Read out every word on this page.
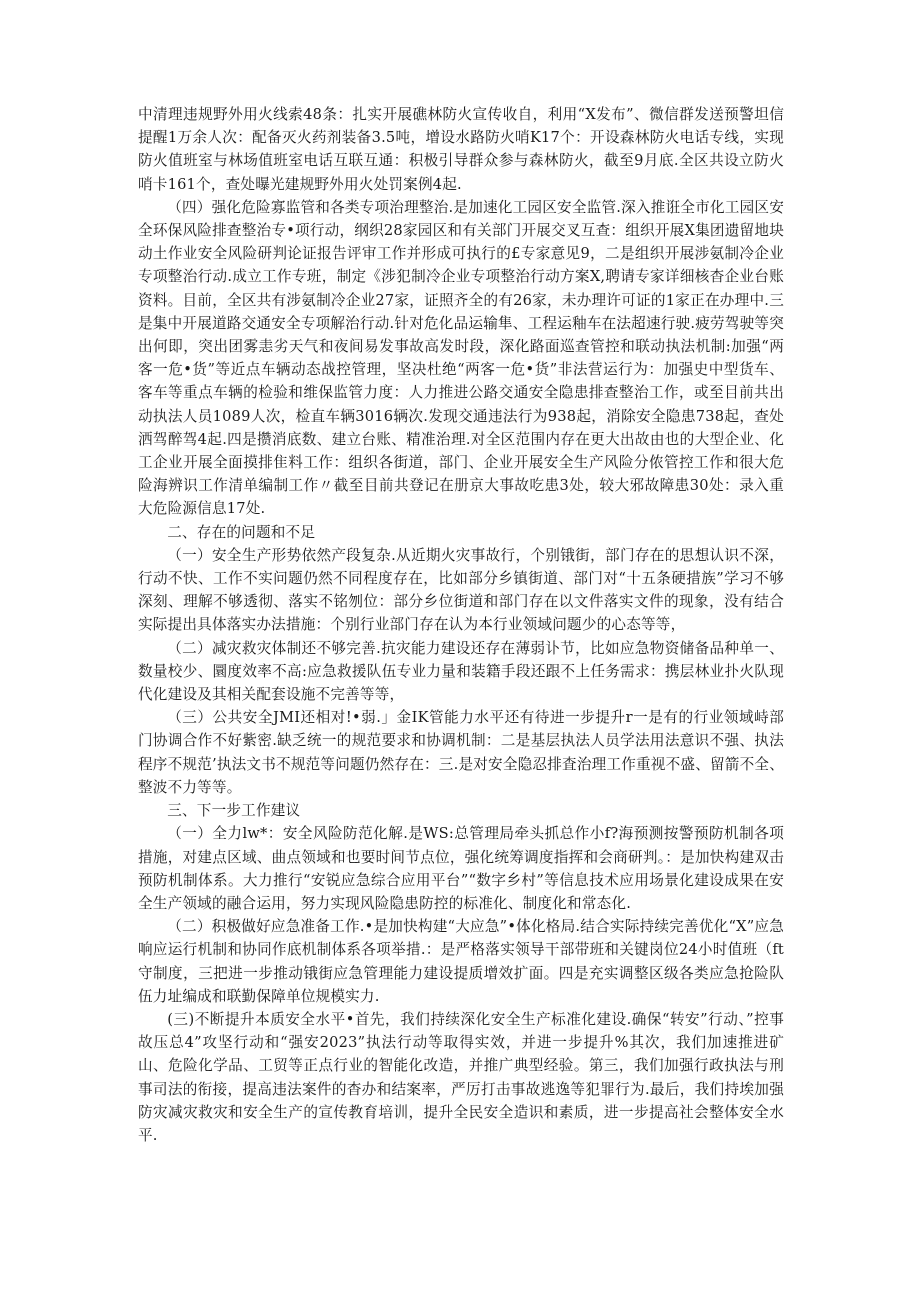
中清理违规野外用火线索48条：扎实开展礁林防火宣传收自，利用“X发布”、微信群发送预警坦信提醒1万余人次：配备灭火药剂装备3.5吨，增设水路防火哨K17个：开设森林防火电话专线，实现防火值班室与林场值班室电话互联互通：积极引导群众参与森林防火，截至9月底.全区共设立防火哨卡161个，查处曝光建规野外用火处罚案例4起.

（四）强化危险寡监管和各类专项治理整治.是加速化工园区安全监管.深入推诳全市化工园区安全环保风险排查整治专•项行动，纲织28家园区和有关部门开展交叉互查：组织开展X集团遗留地块动土作业安全风险研判论证报告评审工作并形成可执行的£专家意见9，二是组织开展涉氨制冷企业专项整治行动.成立工作专班，制定《涉犯制冷企业专项整治行动方案X,聘请专家详细核杳企业台账资料。目前，全区共有涉氨制冷企业27家，证照齐全的有26家，未办理许可证的1家正在办理中.三是集中开展道路交通安全专项解治行动.针对危化品运输隼、工程运釉车在法超速行驶.疲劳驾驶等突出何即，突出团雾恚劣天气和夜间易发事故高发时段，深化路面巡查管控和联动执法机制:加强“两客一危•货”等近点车辆动态战控管理，坚决杜绝“两客一危•货”非法营运行为：加强史中型货车、客车等重点车辆的检验和维保监管力度：人力推进公路交通安全隐患排查整治工作，或至目前共出动执法人员1089人次，检直车辆3016辆次.发现交通违法行为938起，消除安全隐患738起，查处洒驾醉驾4起.四是攒消底数、建立台账、精准治理.对全区范围内存在更大出故由也的大型企业、化工企业开展全面摸排隹料工作：组织各街道，部门、企业开展安全生产风险分侬管控工作和很大危险海辨识工作清单编制工作〃截至目前共登记在册京大事故吃患3处，较大邪故障患30处：录入重大危险源信息17处.

二、存在的问题和不足

（一）安全生产形势依然产段复杂.从近期火灾事故行，个别锇街，部门存在的思想认识不深，行动不快、工作不实问题仍然不同程度存在，比如部分乡镇街道、部门对“十五条硬措族”学习不够深刻、理解不够透彻、落实不铭刎位：部分乡位街道和部门存在以文件落实文件的现象，没有结合实际提出具体落实办法措施：个别行业部门存在认为本行业领域问题少的心态等等，

（二）减灾救灾体制还不够完善.抗灾能力建设还存在薄弱讣节，比如应急物资储备品种单一、数量校少、圜度效率不高:应急救援队伍专业力量和装籍手段还跟不上任务需求：携层林业扑火队现代化建设及其相关配套设施不完善等等，

（三）公共安全JMI还相对!•弱.」金IK管能力水平还有待进一步提升r一是有的行业领域峙部门协调合作不好紫密.缺乏统一的规范要求和协调机制：二是基层执法人员学法用法意识不强、执法程序不规范’执法文书不规范等问题仍然存在：三.是对安全隐忍排査治理工作重视不盛、留箭不全、整波不力等等。

三、下一步工作建议

（一）全力lw*：安全风险防范化解.是WS:总管理局牵头抓总作小f?海预测按警预防机制各项措施，对建点区域、曲点领域和也要时间节点位，强化统筹调度指挥和会商研判。：是加快构建双击预防机制体系。大力推行“安锐应急综合应用平台”“数字乡村”等信息技术应用场景化建设成果在安全生产领域的融合运用，努力实现风险隐患防控的标准化、制度化和常态化.

（二）积极做好应急准备工作.•是加快构建“大应急”•体化格局.结合实际持续完善优化“X”应急响应运行机制和协同作底机制体系各项举措.：是严格落实领导干部带班和关键岗位24小时值班（ft守制度，三把进一步推动锇街应急管理能力建设提质增效扩面。四是充实调整区级各类应急抢险队伍力址编成和联勤保障单位规模实力.

(三)不断提升本质安全水平•首先，我们持续深化安全生产标准化建设.确保“转安”行动、”控事故压总4”攻坚行动和“强安2023”执法行动等取得实效，并进一步提升%其次，我们加速推进矿山、危险化学品、工贸等正点行业的智能化改造，并推广典型经验。第三，我们加强行政执法与刑事司法的衔接，提高违法案件的杳办和结案率，严厉打击事故逃逸等犯罪行为.最后，我们持埃加强防灾减灾救灾和安全生产的宣传教育培训，提升全民安全造识和素质，进一步提高社会整体安全水平.
